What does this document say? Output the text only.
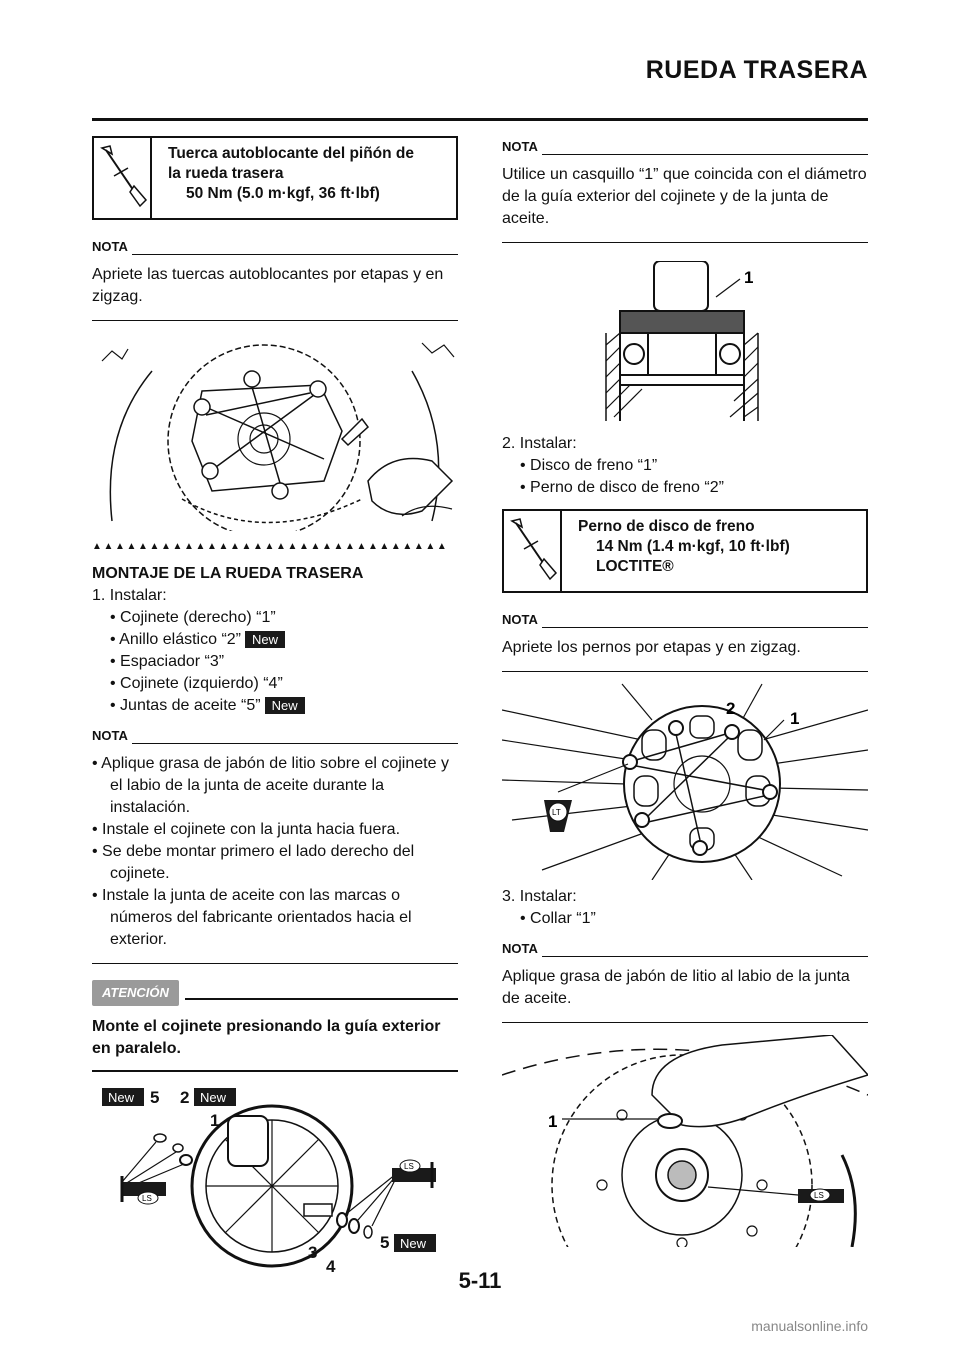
RUEDA TRASERA
Tuerca autoblocante del piñón de
la rueda trasera
50 Nm (5.0 m·kgf, 36 ft·lbf)
NOTA
Apriete las tuercas autoblocantes por etapas y en zigzag.
▲▲▲▲▲▲▲▲▲▲▲▲▲▲▲▲▲▲▲▲▲▲▲▲▲▲▲▲▲▲▲
MONTAJE DE LA RUEDA TRASERA
1. Instalar:
• Cojinete (derecho) “1”
• Anillo elástico “2” New
• Espaciador “3”
• Cojinete (izquierdo) “4”
• Juntas de aceite “5” New
NOTA
• Aplique grasa de jabón de litio sobre el cojinete y el labio de la junta de aceite durante la instalación.
• Instale el cojinete con la junta hacia fuera.
• Se debe montar primero el lado derecho del cojinete.
• Instale la junta de aceite con las marcas o números del fabricante orientados hacia el exterior.
ATENCIÓN
Monte el cojinete presionando la guía exterior en paralelo.
New 5 2 New
1
3
4
5 New
LS
LS
NOTA
Utilice un casquillo “1” que coincida con el diámetro de la guía exterior del cojinete y de la junta de aceite.
1
2. Instalar:
• Disco de freno “1”
• Perno de disco de freno “2”
Perno de disco de freno
14 Nm (1.4 m·kgf, 10 ft·lbf)
LOCTITE®
NOTA
Apriete los pernos por etapas y en zigzag.
2
1
LT
3. Instalar:
• Collar “1”
NOTA
Aplique grasa de jabón de litio al labio de la junta de aceite.
1
LS
5-11
manualsonline.info
